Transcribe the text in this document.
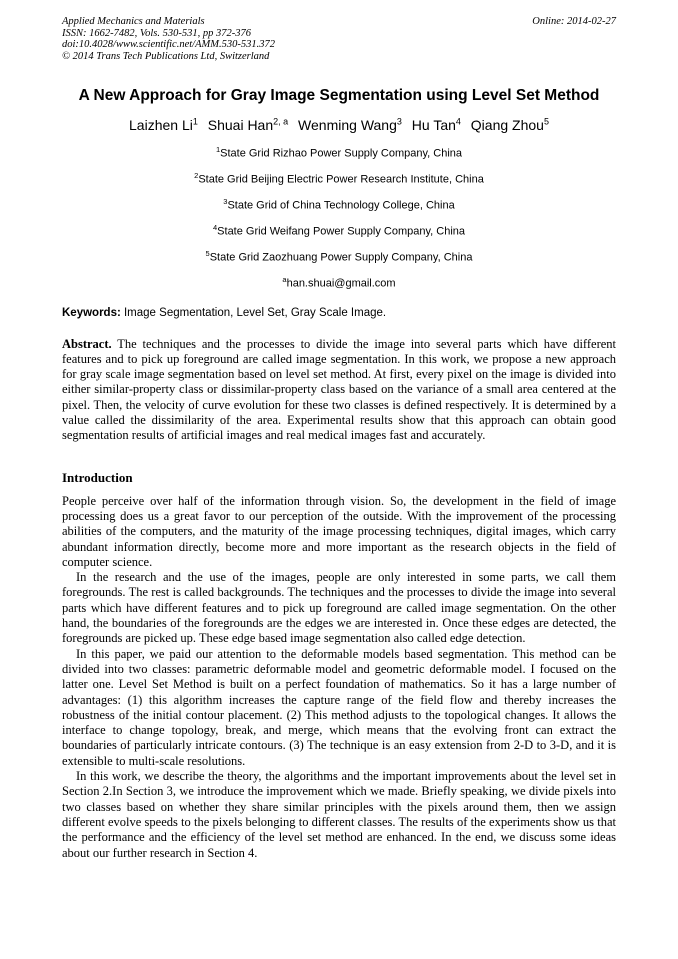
Applied Mechanics and Materials
ISSN: 1662-7482, Vols. 530-531, pp 372-376
doi:10.4028/www.scientific.net/AMM.530-531.372
© 2014 Trans Tech Publications Ltd, Switzerland
Online: 2014-02-27
A New Approach for Gray Image Segmentation using Level Set Method
Laizhen Li$^1$ Shuai Han$^{2, a}$ Wenming Wang$^3$ Hu Tan$^4$ Qiang Zhou$^5$
$^1$State Grid Rizhao Power Supply Company, China
$^2$State Grid Beijing Electric Power Research Institute, China
$^3$State Grid of China Technology College, China
$^4$State Grid Weifang Power Supply Company, China
$^5$State Grid Zaozhuang Power Supply Company, China
$^a$han.shuai@gmail.com
Keywords: Image Segmentation, Level Set, Gray Scale Image.
Abstract. The techniques and the processes to divide the image into several parts which have different features and to pick up foreground are called image segmentation. In this work, we propose a new approach for gray scale image segmentation based on level set method. At first, every pixel on the image is divided into either similar-property class or dissimilar-property class based on the variance of a small area centered at the pixel. Then, the velocity of curve evolution for these two classes is defined respectively. It is determined by a value called the dissimilarity of the area. Experimental results show that this approach can obtain good segmentation results of artificial images and real medical images fast and accurately.
Introduction

People perceive over half of the information through vision. So, the development in the field of image processing does us a great favor to our perception of the outside. With the improvement of the processing abilities of the computers, and the maturity of the image processing techniques, digital images, which carry abundant information directly, become more and more important as the research objects in the field of computer science.

In the research and the use of the images, people are only interested in some parts, we call them foregrounds. The rest is called backgrounds. The techniques and the processes to divide the image into several parts which have different features and to pick up foreground are called image segmentation. On the other hand, the boundaries of the foregrounds are the edges we are interested in. Once these edges are detected, the foregrounds are picked up. These edge based image segmentation also called edge detection.

In this paper, we paid our attention to the deformable models based segmentation. This method can be divided into two classes: parametric deformable model and geometric deformable model. I focused on the latter one. Level Set Method is built on a perfect foundation of mathematics. So it has a large number of advantages: (1) this algorithm increases the capture range of the field flow and thereby increases the robustness of the initial contour placement. (2) This method adjusts to the topological changes. It allows the interface to change topology, break, and merge, which means that the evolving front can extract the boundaries of particularly intricate contours. (3) The technique is an easy extension from 2-D to 3-D, and it is extensible to multi-scale resolutions.

In this work, we describe the theory, the algorithms and the important improvements about the level set in Section 2.In Section 3, we introduce the improvement which we made. Briefly speaking, we divide pixels into two classes based on whether they share similar principles with the pixels around them, then we assign different evolve speeds to the pixels belonging to different classes. The results of the experiments show us that the performance and the efficiency of the level set method are enhanced. In the end, we discuss some ideas about our further research in Section 4.
